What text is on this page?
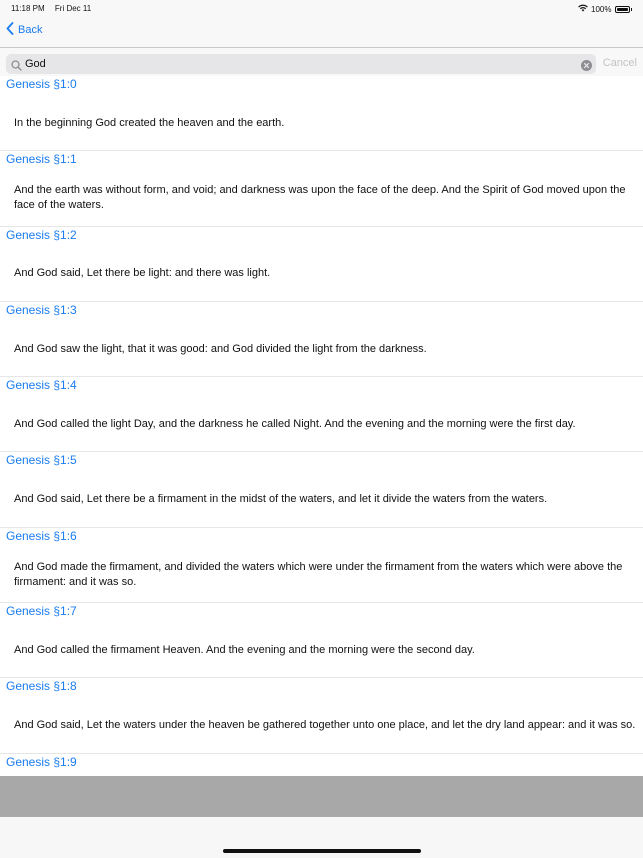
11:18 PM Fri Dec 11	100%
Back
God
Cancel
Genesis §1:0
In the beginning God created the heaven and the earth.
Genesis §1:1
And the earth was without form, and void; and darkness was upon the face of the deep. And the Spirit of God moved upon the face of the waters.
Genesis §1:2
And God said, Let there be light: and there was light.
Genesis §1:3
And God saw the light, that it was good: and God divided the light from the darkness.
Genesis §1:4
And God called the light Day, and the darkness he called Night. And the evening and the morning were the first day.
Genesis §1:5
And God said, Let there be a firmament in the midst of the waters, and let it divide the waters from the waters.
Genesis §1:6
And God made the firmament, and divided the waters which were under the firmament from the waters which were above the firmament: and it was so.
Genesis §1:7
And God called the firmament Heaven. And the evening and the morning were the second day.
Genesis §1:8
And God said, Let the waters under the heaven be gathered together unto one place, and let the dry land appear: and it was so.
Genesis §1:9
